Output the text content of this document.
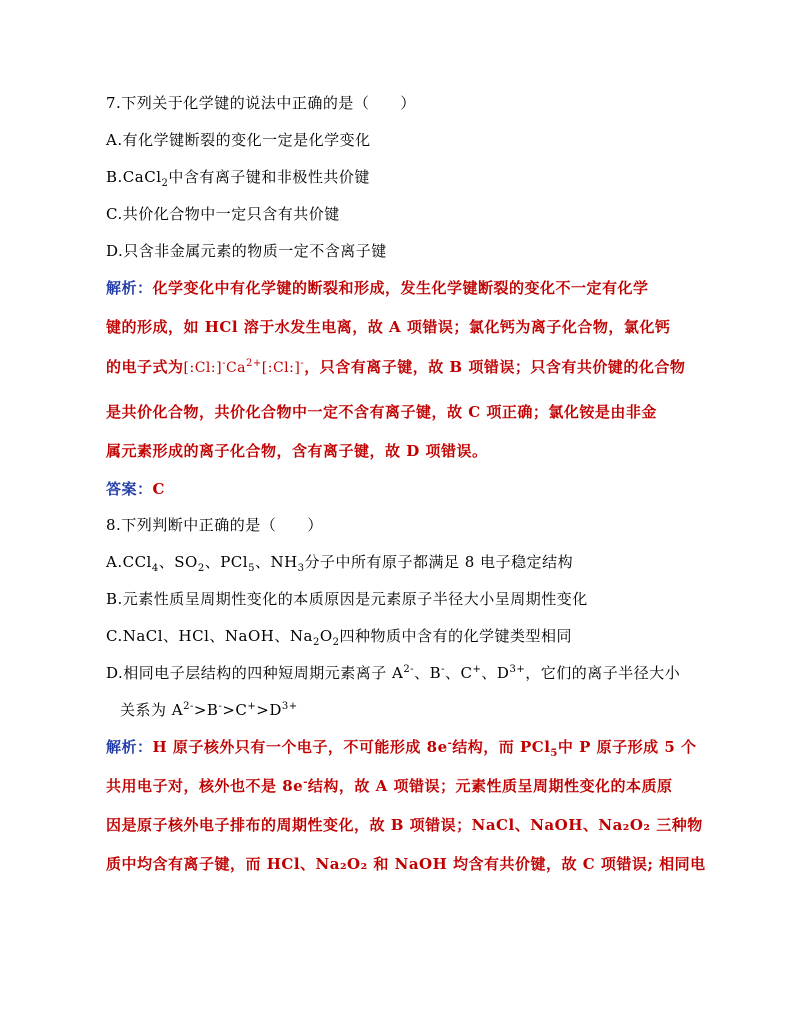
7.下列关于化学键的说法中正确的是（　　）
A.有化学键断裂的变化一定是化学变化
B.CaCl$_2$中含有离子键和非极性共价键
C.共价化合物中一定只含有共价键
D.只含非金属元素的物质一定不含离子键
解析：化学变化中有化学键的断裂和形成，发生化学键断裂的变化不一定有化学
键的形成，如 HCl 溶于水发生电离，故 A 项错误；氯化钙为离子化合物，氯化钙
的电子式为$[:Cl:]^-Ca^{2+}[:Cl:]^-$，只含有离子键，故 B 项错误；只含有共价键的化合物
是共价化合物，共价化合物中一定不含有离子键，故 C 项正确；氯化铵是由非金
属元素形成的离子化合物，含有离子键，故 D 项错误。
答案：C
8.下列判断中正确的是（　　）
A.CCl$_4$、$SO_2$、PCl$_5$、$NH_3$分子中所有原子都满足 8 电子稳定结构
B.元素性质呈周期性变化的本质原因是元素原子半径大小呈周期性变化
C.NaCl、HCl、NaOH、$Na_2O_2$四种物质中含有的化学键类型相同
D.相同电子层结构的四种短周期元素离子 $A^{2-}$、B-、C+、$D^{3+}$，它们的离子半径大小
关系为 $A^{2-}>B^->C^+>D^{3+}$
解析：H 原子核外只有一个电子，不可能形成 8e-结构，而 PCl$_5$中 P 原子形成 5 个
共用电子对，核外也不是 8e-结构，故 A 项错误；元素性质呈周期性变化的本质原
因是原子核外电子排布的周期性变化，故 B 项错误；NaCl、NaOH、Na₂O₂ 三种物
质中均含有离子键，而 HCl、Na₂O₂ 和 NaOH 均含有共价键，故 C 项错误; 相同电
